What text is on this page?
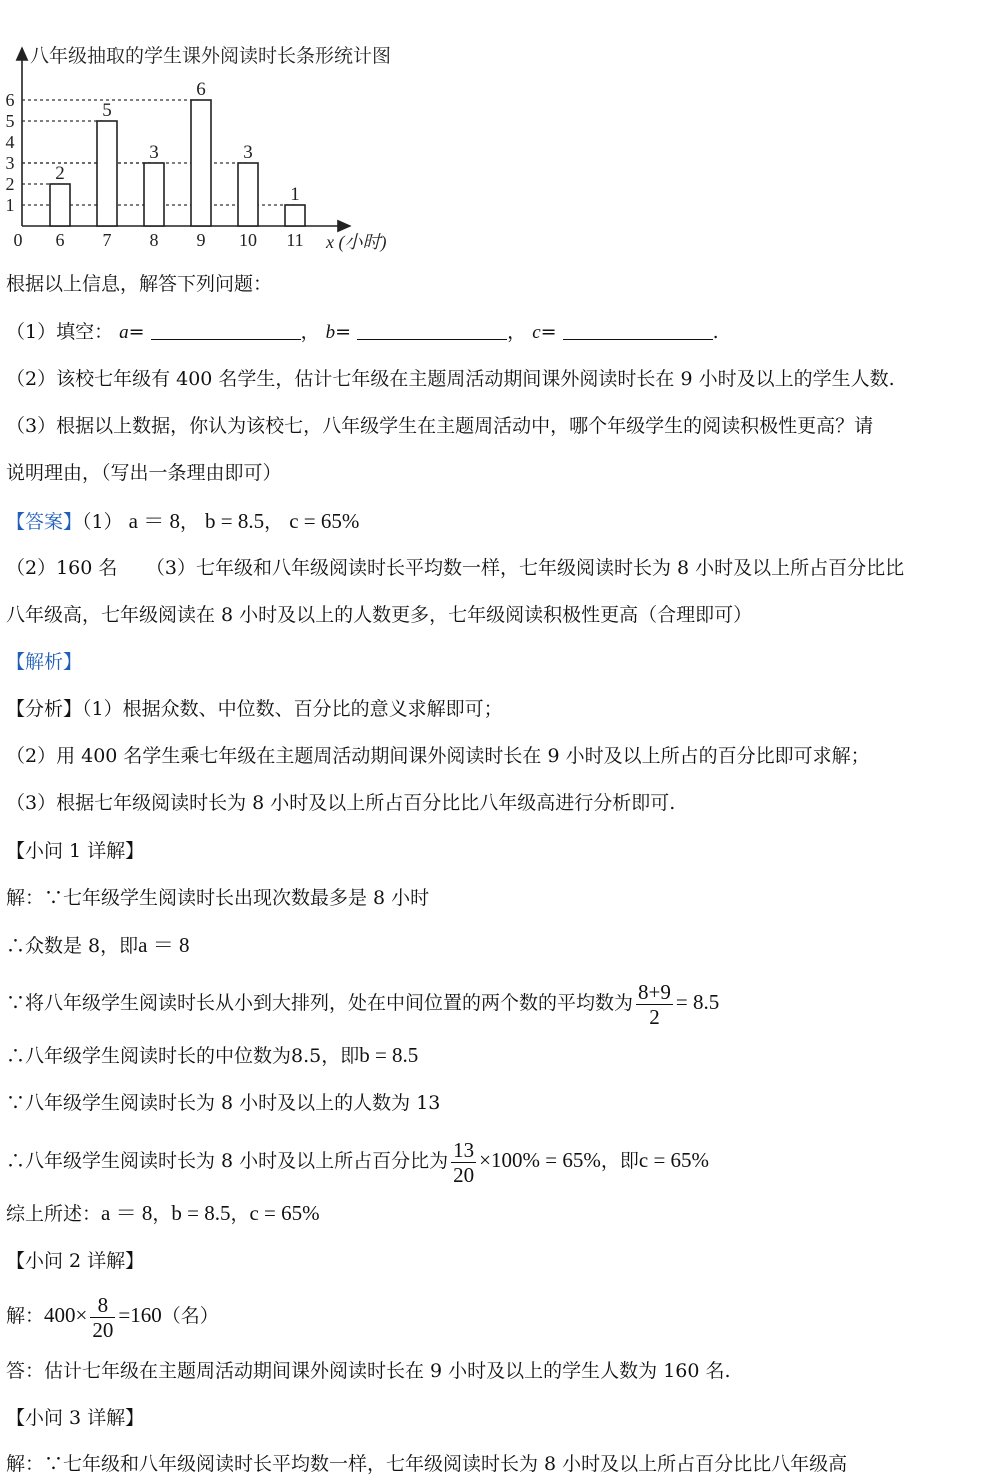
八年级抽取的学生课外阅读时长条形统计图
2
5
3
6
3
1
1
2
3
4
5
6
6 7 8 9 10 11
0	x (小时)
根据以上信息，解答下列问题：
（1）填空： a=	， b=	， c=	.
（2）该校七年级有 400 名学生，估计七年级在主题周活动期间课外阅读时长在 9 小时及以上的学生人数.
（3）根据以上数据，你认为该校七，八年级学生在主题周活动中，哪个年级学生的阅读积极性更高？请
说明理由，（写出一条理由即可）
【答案】（1） a ＝ 8， b = 8.5， c = 65%
（2）160 名　　（3）七年级和八年级阅读时长平均数一样，七年级阅读时长为 8 小时及以上所占百分比比
八年级高，七年级阅读在 8 小时及以上的人数更多，七年级阅读积极性更高（合理即可）
【解析】
【分析】（1）根据众数、中位数、百分比的意义求解即可；
（2）用 400 名学生乘七年级在主题周活动期间课外阅读时长在 9 小时及以上所占的百分比即可求解；
（3）根据七年级阅读时长为 8 小时及以上所占百分比比八年级高进行分析即可.
【小问 1 详解】
解：∵七年级学生阅读时长出现次数最多是 8 小时
∴众数是 8，即a ＝ 8
∵将八年级学生阅读时长从小到大排列，处在中间位置的两个数的平均数为 $\frac{8+9}{2} = 8.5$
∴八年级学生阅读时长的中位数为8.5，即b = 8.5
∵八年级学生阅读时长为 8 小时及以上的人数为 13
∴八年级学生阅读时长为 8 小时及以上所占百分比为 $\frac{13}{20} \times 100\% = 65\%$，即c = 65%
综上所述：a ＝ 8，b = 8.5，c = 65%
【小问 2 详解】
解：$400\times \frac{8}{20} =160$（名）
答：估计七年级在主题周活动期间课外阅读时长在 9 小时及以上的学生人数为 160 名.
【小问 3 详解】
解：∵七年级和八年级阅读时长平均数一样，七年级阅读时长为 8 小时及以上所占百分比比八年级高
